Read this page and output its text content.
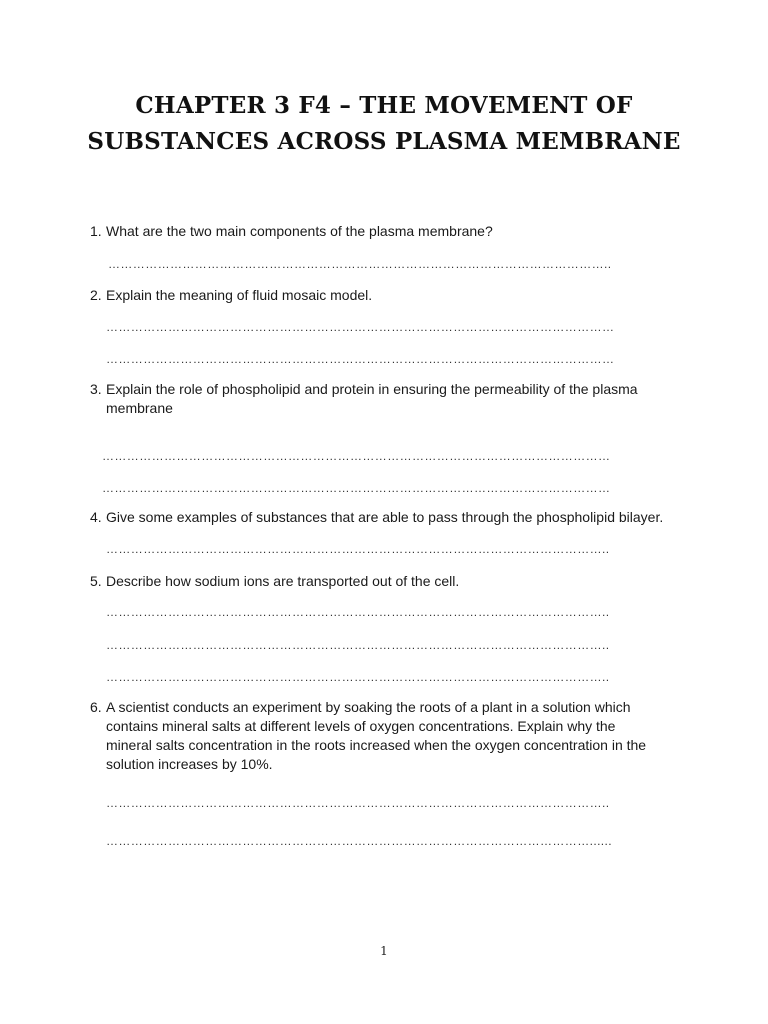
CHAPTER 3 F4 – THE MOVEMENT OF
SUBSTANCES ACROSS PLASMA MEMBRANE
1. What are the two main components of the plasma membrane?
…………………………………………………………………………………………………………..
2. Explain the meaning of fluid mosaic model.
……………………………………………………………………………………………………………
……………………………………………………………………………………………………………
3. Explain the role of phospholipid and protein in ensuring the permeability of the plasma membrane
……………………………………………………………………………………………………………
……………………………………………………………………………………………………………
4. Give some examples of substances that are able to pass through the phospholipid bilayer.
…………………………………………………………………………………………………………..
5. Describe how sodium ions are transported out of the cell.
…………………………………………………………………………………………………………..
…………………………………………………………………………………………………………..
…………………………………………………………………………………………………………..
6. A scientist conducts an experiment by soaking the roots of a plant in a solution which contains mineral salts at different levels of oxygen concentrations. Explain why the mineral salts concentration in the roots increased when the oxygen concentration in the solution increases by 10%.
…………………………………………………………………………………………………………..
………………………………………………………………………………………………………......
1
